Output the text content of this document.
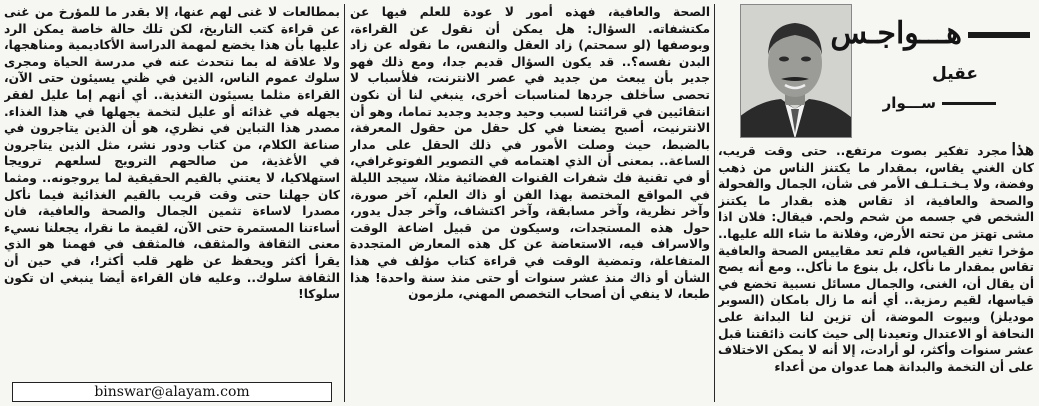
هـــواجـس
عقيل
ســـوار

هذامجرد تفكير بصوت مرتفع.. حتى وقت قريب، كان الغني يقاس، بمقدار ما يكتنز الناس من ذهب وفضة، ولا يـخـتـلـف الأمر فى شأن، الجمال والفحولة والصحة والعافية، اذ تقاس هذه بقدار ما يكتنز الشخص في جسمه من شحم ولحم. فيقال: فلان اذا مشى تهتز من تحته الأرض، وفلانة ما شاء الله عليها.. مؤخرا تغير القياس، فلم تعد مقاييس الصحة والعافية تقاس بمقدار ما نأكل، بل بنوع ما نأكل.. ومع أنه يصح أن يقال أن، الغنى، والجمال مسائل نسبية تخضع في قياسها، لقيم رمزية.. أي أنه ما زال بامكان (السوبر موديلز) وبيوت الموضة، أن تزين لنا البدانة على النحافة أو الاعتدال وتعيدنا إلى حيث كانت ذائقتنا قبل عشر سنوات وأكثر، لو أرادت، إلا أنه لا يمكن الاختلاف على أن التخمة والبدانة هما عدوان من أعداء

الصحة والعافية، فهذه أمور لا عودة للعلم فيها عن مكتشفاته. السؤال: هل يمكن أن نقول عن القراءة، وبوصفها (لو سمحتم) زاد العقل والنفس، ما نقوله عن زاد البدن نفسه؟.. قد يكون السؤال قديم جدا، ومع ذلك فهو جدير بأن يبعث من جديد في عصر الانترنت، فلأسباب لا تحصى سأخلف جردها لمناسبات أخرى، ينبغي لنا أن نكون انتقائيين في قرائتنا لسبب وحيد وجديد وجديد تماما، وهو أن الانترنيت، أصبح يضعنا في كل حقل من حقول المعرفة، بالضبط، حيث وصلت الأمور في ذلك الحقل على مدار الساعة.. بمعنى أن الذي اهتمامه في التصوير الفوتوغرافي، أو في تقنية فك شفرات القنوات الفضائية مثلا، سيجد الليلة في المواقع المختصة بهذا الفن أو ذاك العلم، آخر صورة، وآخر نظرية، وآخر مسابقة، وآخر اكتشاف، وآخر جدل يدور، حول هذه المستجدات، وسيكون من قبيل اضاعة الوقت والاسراف فيه، الاستعاضة عن كل هذه المعارض المتجددة المتفاعلة، وتمضية الوقت في قراءة كتاب مؤلف في هذا الشأن أو ذاك منذ عشر سنوات أو حتى منذ سنة واحدة! هذا طبعا، لا ينفي أن أصحاب التخصص المهني، ملزمون

بمطالعات لا غنى لهم عنها، إلا بقدر ما للمؤرخ من غنى عن قراءة كتب التاريخ، لكن تلك حالة خاصة يمكن الرد عليها بأن هذا يخضع لمهمة الدراسة الأكاديمية ومناهجها، ولا علاقة له بما نتحدث عنه في مدرسة الحياة ومجرى سلوك عموم الناس، الذين في ظني يسيئون حتى الآن، القراءة مثلما يسيئون التغذية.. أي أنهم إما عليل لفقر يجهله في غذائه أو عليل لتخمة يجهلها في هذا الغذاء. مصدر هذا التباين في نظري، هو أن الذين يتاجرون في صناعة الكلام، من كتاب ودور نشر، مثل الذين يتاجرون في الأغذية، من صالحهم الترويج لسلعهم ترويجا استهلاكيا، لا يعتني بالقيم الحقيقية لما يروجونه.. ومثما كان جهلنا حتى وقت قريب بالقيم الغذائية فيما نأكل مصدرا لاساءة تثمين الجمال والصحة والعافية، فان أساءتنا المستمرة حتى الآن، لقيمة ما نقرا، يجعلنا نسيء معنى الثقافة والمثقف، فالمثقف في فهمنا هو الذي يقرأ أكثر ويحفظ عن ظهر قلب أكثر!، في حين أن الثقافة سلوك.. وعليه فان القراءة أيضا ينبغي ان تكون سلوكا!

binswar@alayam.com
